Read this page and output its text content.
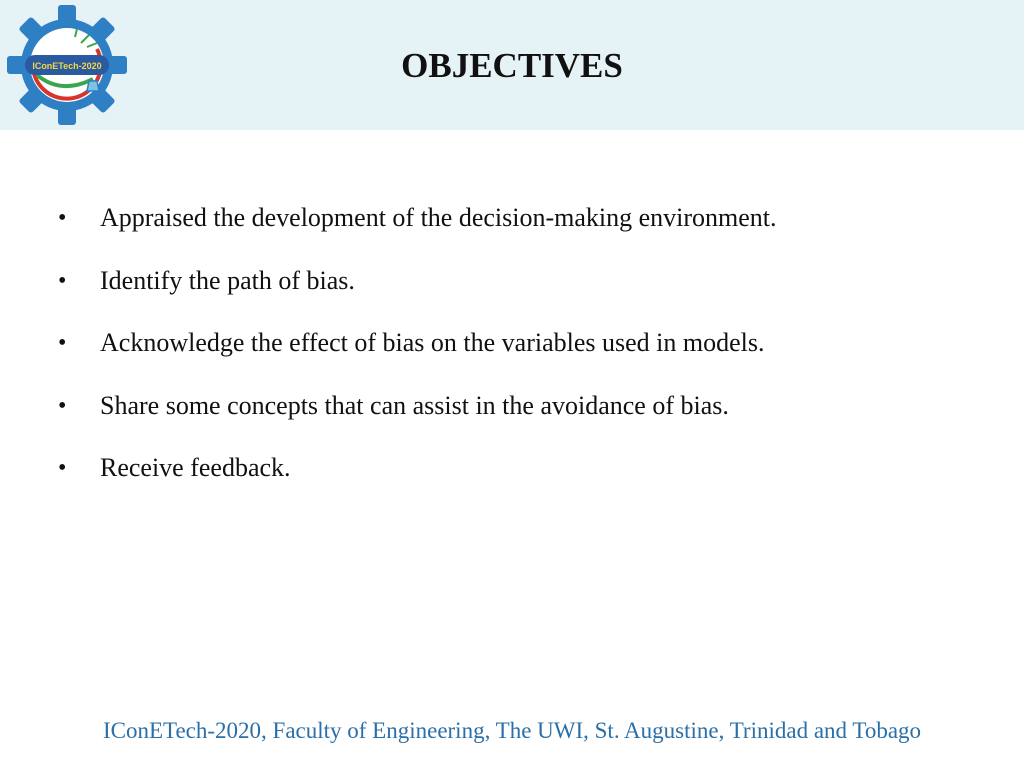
IConETech-2020	OBJECTIVES
•	Appraised the development of the decision-making environment.
•	Identify the path of bias.
•	Acknowledge the effect of bias on the variables used in models.
•	Share some concepts that can assist in the avoidance of bias.
•	Receive feedback.

IConETech-2020, Faculty of Engineering, The UWI, St. Augustine, Trinidad and Tobago
